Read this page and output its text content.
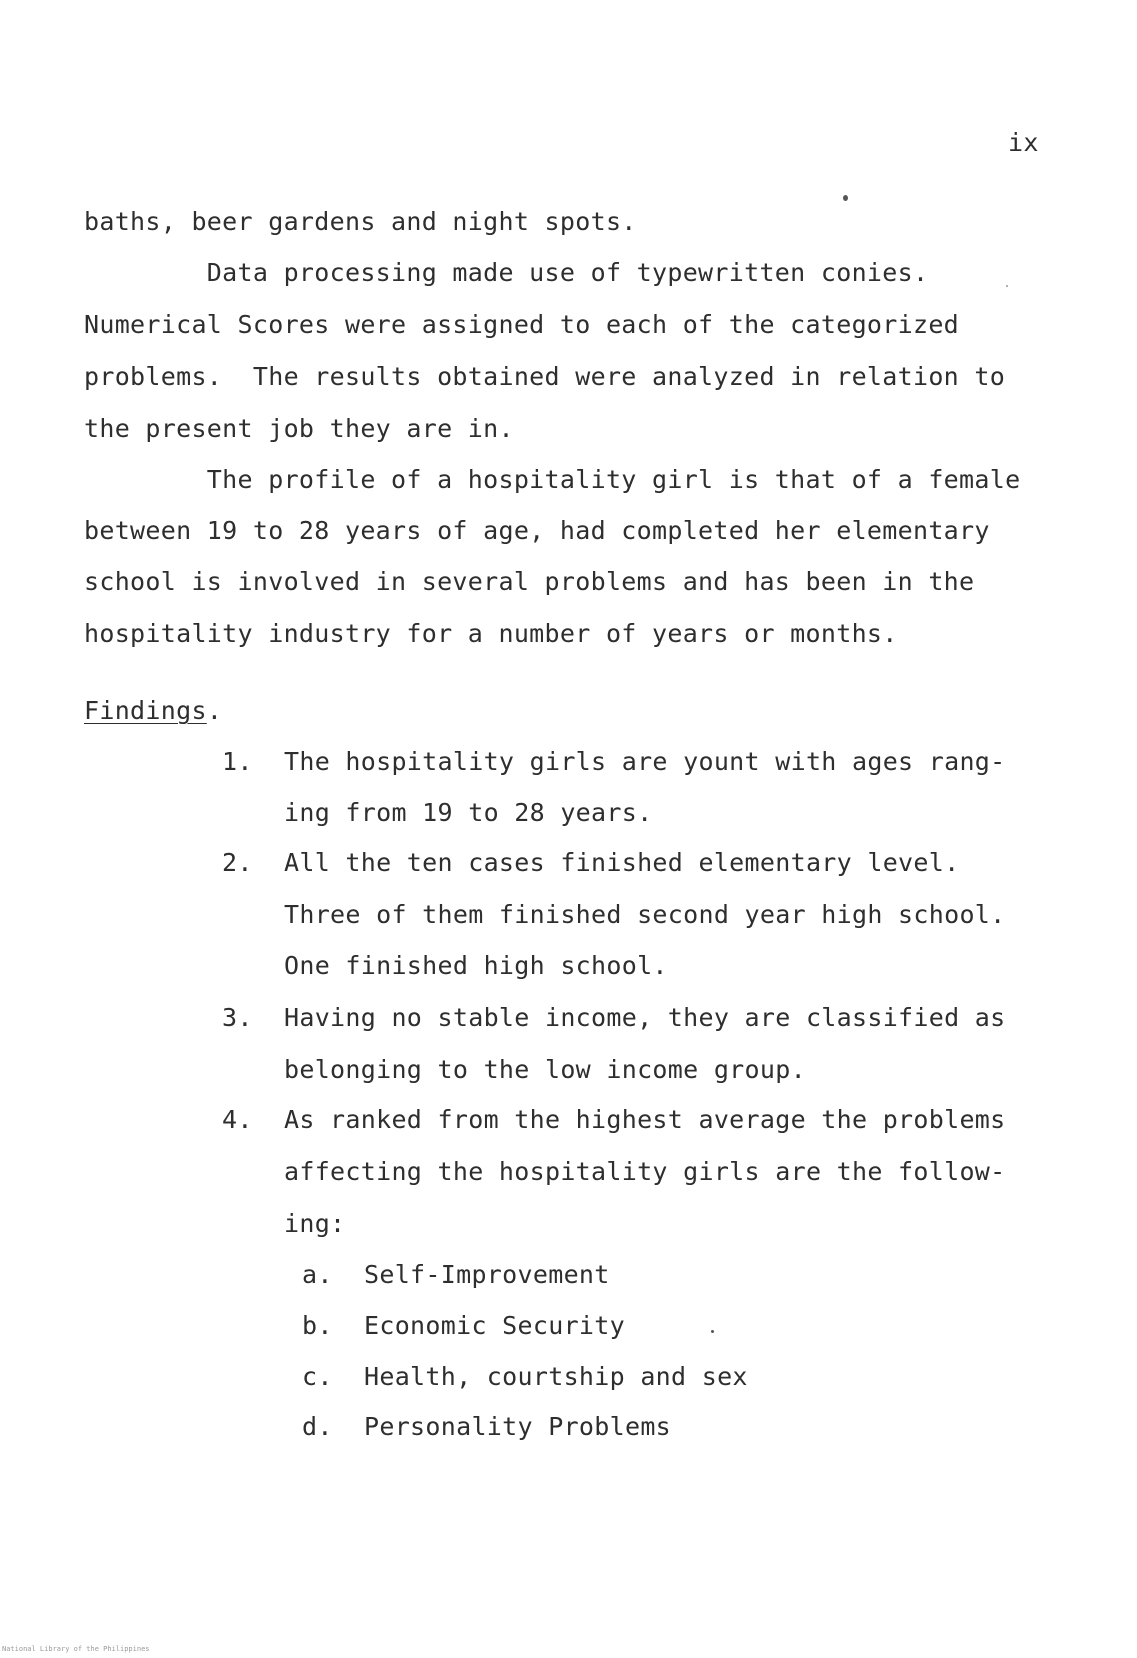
ix
baths, beer gardens and night spots.
Data processing made use of typewritten conies.
Numerical Scores were assigned to each of the categorized
problems.  The results obtained were analyzed in relation to
the present job they are in.
The profile of a hospitality girl is that of a female
between 19 to 28 years of age, had completed her elementary
school is involved in several problems and has been in the
hospitality industry for a number of years or months.
Findings.
1. The hospitality girls are yount with ages rang-
ing from 19 to 28 years.
2. All the ten cases finished elementary level.
Three of them finished second year high school.
One finished high school.
3. Having no stable income, they are classified as
belonging to the low income group.
4. As ranked from the highest average the problems
affecting the hospitality girls are the follow-
ing:
a. Self-Improvement
b. Economic Security
c. Health, courtship and sex
d. Personality Problems
National Library of the Philippines
